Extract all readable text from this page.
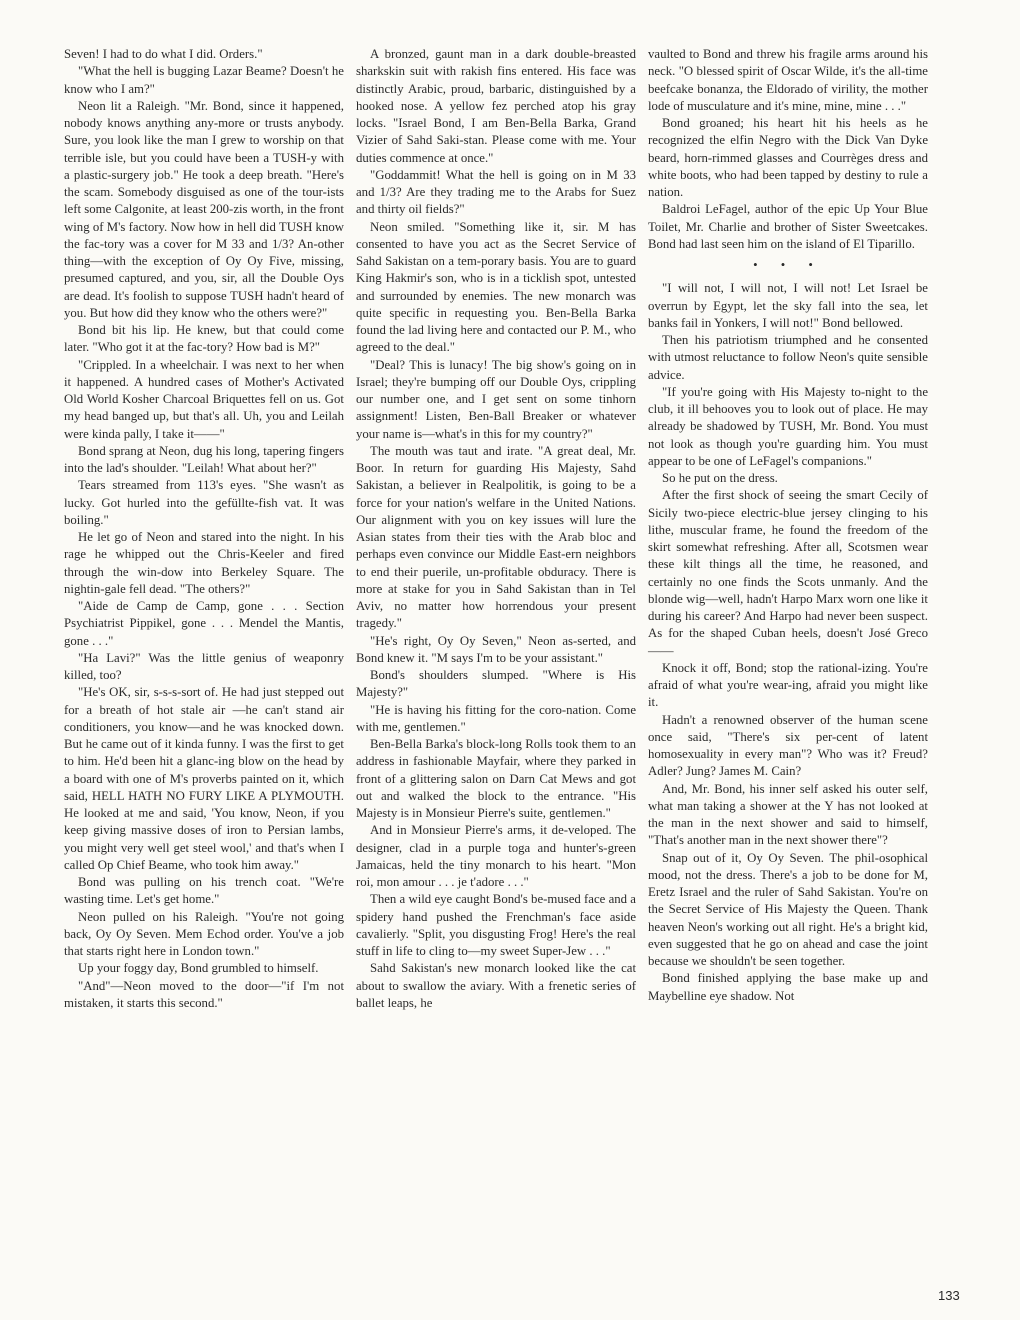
Seven! I had to do what I did. Orders."

"What the hell is bugging Lazar Beame? Doesn't he know who I am?"

Neon lit a Raleigh. "Mr. Bond, since it happened, nobody knows anything any-more or trusts anybody. Sure, you look like the man I grew to worship on that terrible isle, but you could have been a TUSH-y with a plastic-surgery job." He took a deep breath. "Here's the scam. Somebody disguised as one of the tour-ists left some Calgonite, at least 200-zis worth, in the front wing of M's factory. Now how in hell did TUSH know the fac-tory was a cover for M 33 and 1/3? An-other thing—with the exception of Oy Oy Five, missing, presumed captured, and you, sir, all the Double Oys are dead. It's foolish to suppose TUSH hadn't heard of you. But how did they know who the others were?"

Bond bit his lip. He knew, but that could come later. "Who got it at the fac-tory? How bad is M?"

"Crippled. In a wheelchair. I was next to her when it happened. A hundred cases of Mother's Activated Old World Kosher Charcoal Briquettes fell on us. Got my head banged up, but that's all. Uh, you and Leilah were kinda pally, I take it——"

Bond sprang at Neon, dug his long, tapering fingers into the lad's shoulder. "Leilah! What about her?"

Tears streamed from 113's eyes. "She wasn't as lucky. Got hurled into the gefüllte-fish vat. It was boiling."

He let go of Neon and stared into the night. In his rage he whipped out the Chris-Keeler and fired through the win-dow into Berkeley Square. The nightin-gale fell dead. "The others?"

"Aide de Camp de Camp, gone . . . Section Psychiatrist Pippikel, gone . . . Mendel the Mantis, gone . . ."

"Ha Lavi?" Was the little genius of weaponry killed, too?

"He's OK, sir, s-s-s-sort of. He had just stepped out for a breath of hot stale air —he can't stand air conditioners, you know—and he was knocked down. But he came out of it kinda funny. I was the first to get to him. He'd been hit a glanc-ing blow on the head by a board with one of M's proverbs painted on it, which said, HELL HATH NO FURY LIKE A PLYMOUTH. He looked at me and said, 'You know, Neon, if you keep giving massive doses of iron to Persian lambs, you might very well get steel wool,' and that's when I called Op Chief Beame, who took him away."

Bond was pulling on his trench coat. "We're wasting time. Let's get home."

Neon pulled on his Raleigh. "You're not going back, Oy Oy Seven. Mem Echod order. You've a job that starts right here in London town."

Up your foggy day, Bond grumbled to himself.

"And"—Neon moved to the door—"if I'm not mistaken, it starts this second."

A bronzed, gaunt man in a dark double-breasted sharkskin suit with rakish fins entered. His face was distinctly Arabic, proud, barbaric, distinguished by a hooked nose. A yellow fez perched atop his gray locks. "Israel Bond, I am Ben-Bella Barka, Grand Vizier of Sahd Saki-stan. Please come with me. Your duties commence at once."

"Goddammit! What the hell is going on in M 33 and 1/3? Are they trading me to the Arabs for Suez and thirty oil fields?"

Neon smiled. "Something like it, sir. M has consented to have you act as the Secret Service of Sahd Sakistan on a tem-porary basis. You are to guard King Hakmir's son, who is in a ticklish spot, untested and surrounded by enemies. The new monarch was quite specific in requesting you. Ben-Bella Barka found the lad living here and contacted our P. M., who agreed to the deal."

"Deal? This is lunacy! The big show's going on in Israel; they're bumping off our Double Oys, crippling our number one, and I get sent on some tinhorn assignment! Listen, Ben-Ball Breaker or whatever your name is—what's in this for my country?"

The mouth was taut and irate. "A great deal, Mr. Boor. In return for guarding His Majesty, Sahd Sakistan, a believer in Realpolitik, is going to be a force for your nation's welfare in the United Nations. Our alignment with you on key issues will lure the Asian states from their ties with the Arab bloc and perhaps even convince our Middle East-ern neighbors to end their puerile, un-profitable obduracy. There is more at stake for you in Sahd Sakistan than in Tel Aviv, no matter how horrendous your present tragedy."

"He's right, Oy Oy Seven," Neon as-serted, and Bond knew it. "M says I'm to be your assistant."

Bond's shoulders slumped. "Where is His Majesty?"

"He is having his fitting for the coro-nation. Come with me, gentlemen."

Ben-Bella Barka's block-long Rolls took them to an address in fashionable Mayfair, where they parked in front of a glittering salon on Darn Cat Mews and got out and walked the block to the entrance. "His Majesty is in Monsieur Pierre's suite, gentlemen."

And in Monsieur Pierre's arms, it de-veloped. The designer, clad in a purple toga and hunter's-green Jamaicas, held the tiny monarch to his heart. "Mon roi, mon amour . . . je t'adore . . ."

Then a wild eye caught Bond's be-mused face and a spidery hand pushed the Frenchman's face aside cavalierly. "Split, you disgusting Frog! Here's the real stuff in life to cling to—my sweet Super-Jew . . ."

Sahd Sakistan's new monarch looked like the cat about to swallow the aviary. With a frenetic series of ballet leaps, he

vaulted to Bond and threw his fragile arms around his neck. "O blessed spirit of Oscar Wilde, it's the all-time beefcake bonanza, the Eldorado of virility, the mother lode of musculature and it's mine, mine, mine . . ."

Bond groaned; his heart hit his heels as he recognized the elfin Negro with the Dick Van Dyke beard, horn-rimmed glasses and Courrèges dress and white boots, who had been tapped by destiny to rule a nation.

Baldroi LeFagel, author of the epic Up Your Blue Toilet, Mr. Charlie and brother of Sister Sweetcakes. Bond had last seen him on the island of El Tiparillo.

• • •

"I will not, I will not, I will not! Let Israel be overrun by Egypt, let the sky fall into the sea, let banks fail in Yonkers, I will not!" Bond bellowed.

Then his patriotism triumphed and he consented with utmost reluctance to follow Neon's quite sensible advice.

"If you're going with His Majesty to-night to the club, it ill behooves you to look out of place. He may already be shadowed by TUSH, Mr. Bond. You must not look as though you're guarding him. You must appear to be one of LeFagel's companions."

So he put on the dress.

After the first shock of seeing the smart Cecily of Sicily two-piece electric-blue jersey clinging to his lithe, muscular frame, he found the freedom of the skirt somewhat refreshing. After all, Scotsmen wear these kilt things all the time, he reasoned, and certainly no one finds the Scots unmanly. And the blonde wig—well, hadn't Harpo Marx worn one like it during his career? And Harpo had never been suspect. As for the shaped Cuban heels, doesn't José Greco——

Knock it off, Bond; stop the rational-izing. You're afraid of what you're wear-ing, afraid you might like it.

Hadn't a renowned observer of the human scene once said, "There's six per-cent of latent homosexuality in every man"? Who was it? Freud? Adler? Jung? James M. Cain?

And, Mr. Bond, his inner self asked his outer self, what man taking a shower at the Y has not looked at the man in the next shower and said to himself, "That's another man in the next shower there"?

Snap out of it, Oy Oy Seven. The phil-osophical mood, not the dress. There's a job to be done for M, Eretz Israel and the ruler of Sahd Sakistan. You're on the Secret Service of His Majesty the Queen. Thank heaven Neon's working out all right. He's a bright kid, even suggested that he go on ahead and case the joint because we shouldn't be seen together.

Bond finished applying the base make up and Maybelline eye shadow. Not

133
